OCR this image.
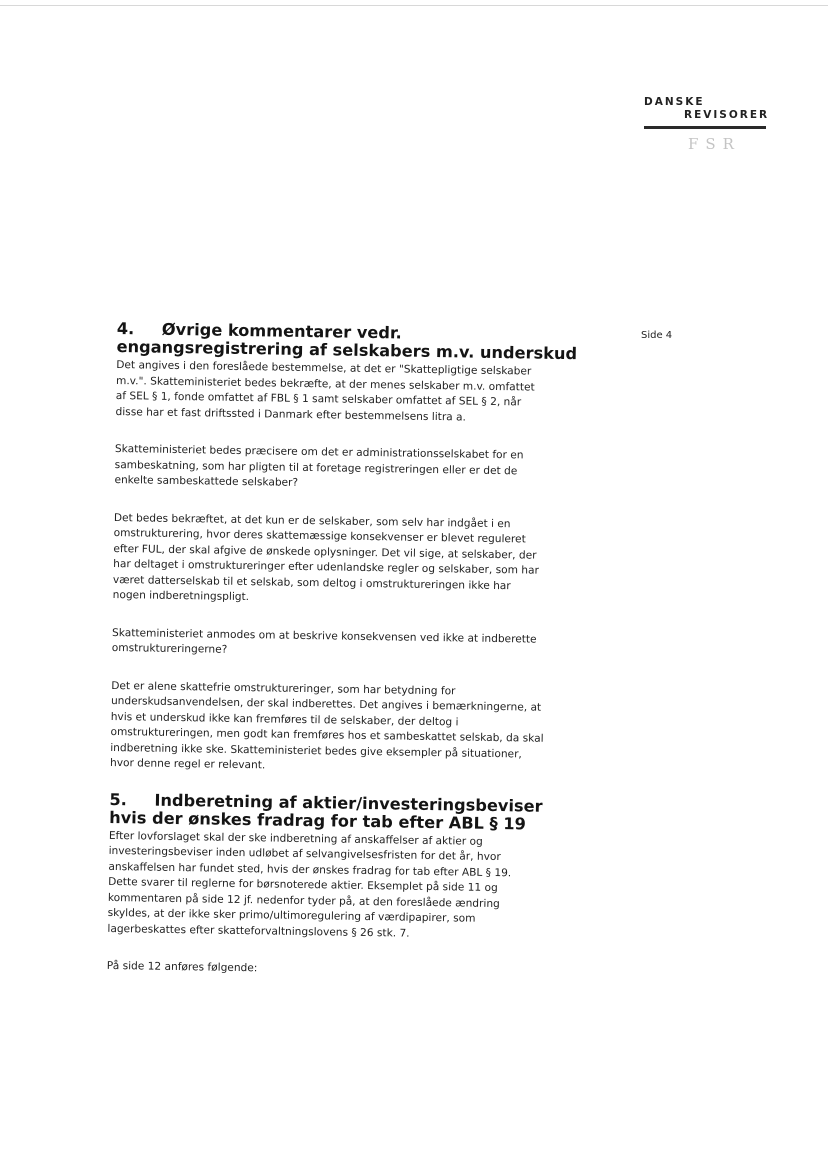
DANSKE
REVISORER
FSR
Side 4
4. Øvrige kommentarer vedr. engangsregistrering af selskabers m.v. underskud

Det angives i den foreslåede bestemmelse, at det er "Skattepligtige selskaber
m.v.". Skatteministeriet bedes bekræfte, at der menes selskaber m.v. omfattet
af SEL § 1, fonde omfattet af FBL § 1 samt selskaber omfattet af SEL § 2, når
disse har et fast driftssted i Danmark efter bestemmelsens litra a.

Skatteministeriet bedes præcisere om det er administrationsselskabet for en
sambeskatning, som har pligten til at foretage registreringen eller er det de
enkelte sambeskattede selskaber?

Det bedes bekræftet, at det kun er de selskaber, som selv har indgået i en
omstrukturering, hvor deres skattemæssige konsekvenser er blevet reguleret
efter FUL, der skal afgive de ønskede oplysninger. Det vil sige, at selskaber, der
har deltaget i omstruktureringer efter udenlandske regler og selskaber, som har
været datterselskab til et selskab, som deltog i omstruktureringen ikke har
nogen indberetningspligt.

Skatteministeriet anmodes om at beskrive konsekvensen ved ikke at indberette
omstruktureringerne?

Det er alene skattefrie omstruktureringer, som har betydning for
underskudsanvendelsen, der skal indberettes. Det angives i bemærkningerne, at
hvis et underskud ikke kan fremføres til de selskaber, der deltog i
omstruktureringen, men godt kan fremføres hos et sambeskattet selskab, da skal
indberetning ikke ske. Skatteministeriet bedes give eksempler på situationer,
hvor denne regel er relevant.

5. Indberetning af aktier/investeringsbeviser hvis der ønskes fradrag for tab efter ABL § 19

Efter lovforslaget skal der ske indberetning af anskaffelser af aktier og
investeringsbeviser inden udløbet af selvangivelsesfristen for det år, hvor
anskaffelsen har fundet sted, hvis der ønskes fradrag for tab efter ABL § 19.
Dette svarer til reglerne for børsnoterede aktier. Eksemplet på side 11 og
kommentaren på side 12 jf. nedenfor tyder på, at den foreslåede ændring
skyldes, at der ikke sker primo/ultimoregulering af værdipapirer, som
lagerbeskattes efter skatteforvaltningslovens § 26 stk. 7.

På side 12 anføres følgende:
